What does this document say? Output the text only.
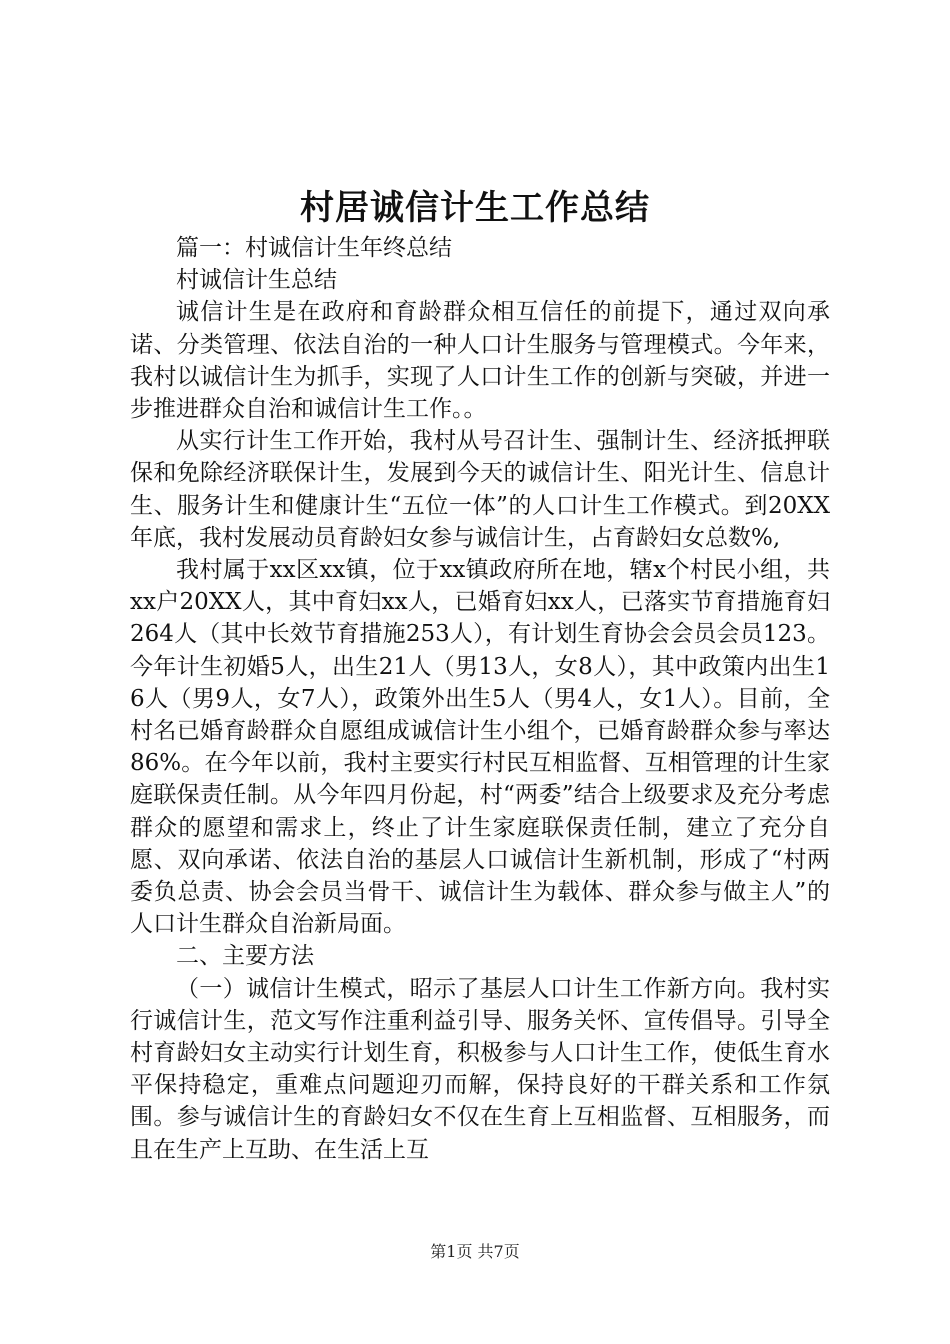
村居诚信计生工作总结

篇一：村诚信计生年终总结

村诚信计生总结

诚信计生是在政府和育龄群众相互信任的前提下，通过双向承诺、分类管理、依法自治的一种人口计生服务与管理模式。今年来，我村以诚信计生为抓手，实现了人口计生工作的创新与突破，并进一步推进群众自治和诚信计生工作。。

从实行计生工作开始，我村从号召计生、强制计生、经济抵押联保和免除经济联保计生，发展到今天的诚信计生、阳光计生、信息计生、服务计生和健康计生“五位一体”的人口计生工作模式。到20XX年底，我村发展动员育龄妇女参与诚信计生，占育龄妇女总数%,

我村属于xx区xx镇，位于xx镇政府所在地，辖x个村民小组，共xx户20XX人，其中育妇xx人，已婚育妇xx人，已落实节育措施育妇264人（其中长效节育措施253人），有计划生育协会会员会员123。今年计生初婚5人，出生21人（男13人，女8人），其中政策内出生16人（男9人，女7人），政策外出生5人（男4人，女1人）。目前，全村名已婚育龄群众自愿组成诚信计生小组个，已婚育龄群众参与率达86%。在今年以前，我村主要实行村民互相监督、互相管理的计生家庭联保责任制。从今年四月份起，村“两委”结合上级要求及充分考虑群众的愿望和需求上，终止了计生家庭联保责任制，建立了充分自愿、双向承诺、依法自治的基层人口诚信计生新机制，形成了“村两委负总责、协会会员当骨干、诚信计生为载体、群众参与做主人”的人口计生群众自治新局面。

二、主要方法

（一）诚信计生模式，昭示了基层人口计生工作新方向。我村实行诚信计生，范文写作注重利益引导、服务关怀、宣传倡导。引导全村育龄妇女主动实行计划生育，积极参与人口计生工作，使低生育水平保持稳定，重难点问题迎刃而解，保持良好的干群关系和工作氛围。参与诚信计生的育龄妇女不仅在生育上互相监督、互相服务，而且在生产上互助、在生活上互

第1页 共7页
